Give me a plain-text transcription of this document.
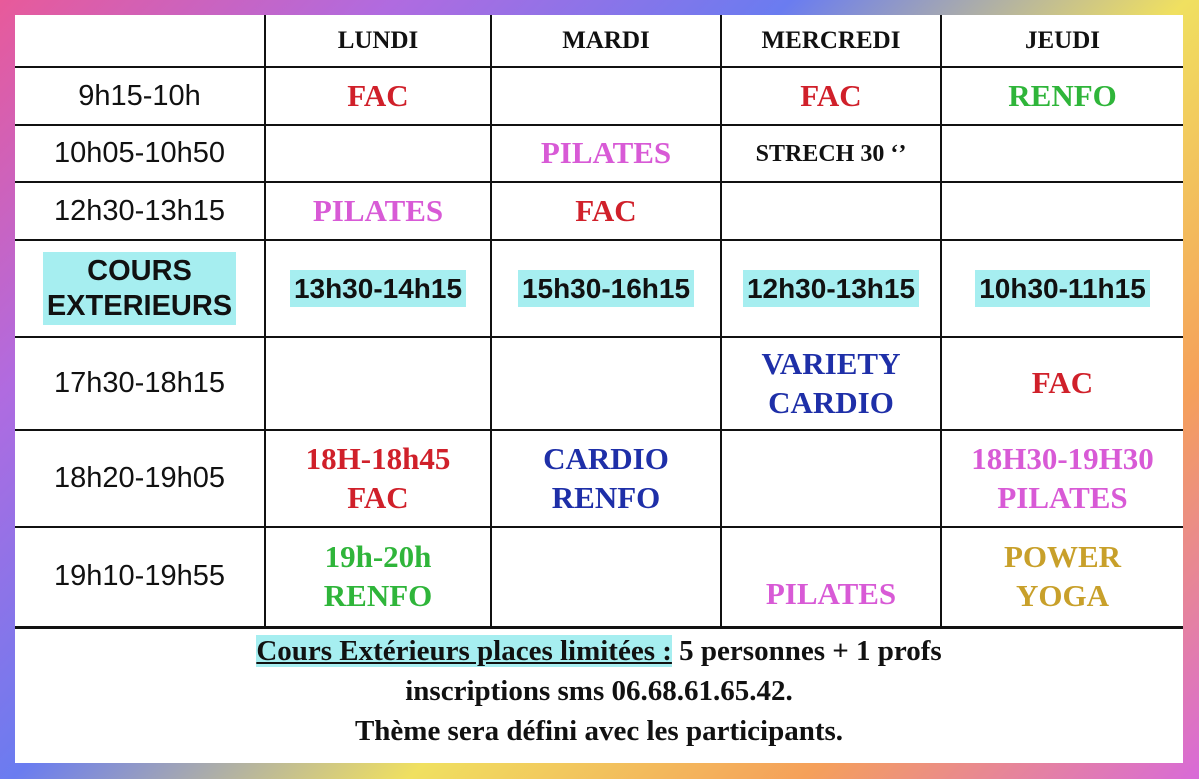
	LUNDI	MARDI	MERCREDI	JEUDI
9h15-10h	FAC		FAC	RENFO

10h05-10h50		PILATES	STRECH 30 ‘’	

12h30-13h15	PILATES	FAC		

COURS
EXTERIEURS	13h30-14h15	15h30-16h15	12h30-13h15	10h30-11h15
17h30-18h15			VARIETY
CARDIO	FAC

18h20-19h05	18H-18h45
FAC	CARDIO
RENFO		18H30-19H30
PILATES

19h10-19h55	19h-20h
RENFO		PILATES	POWER
YOGA
Cours Extérieurs places limitées : 5 personnes + 1 profs
inscriptions sms 06.68.61.65.42.
Thème sera défini avec les participants.
